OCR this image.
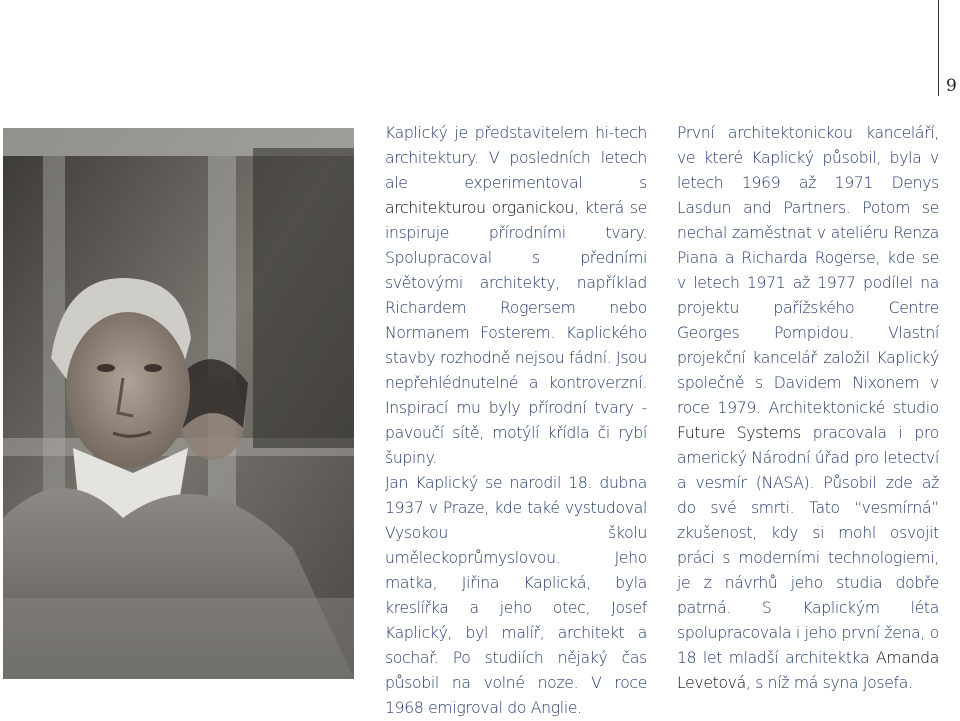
9

Kaplický je představitelem hi-tech architektury. V posledních letech ale experimentoval s architekturou organickou, která se inspiruje přírodními tvary. Spolupracoval s předními světovými architekty, například Richardem Rogersem nebo Normanem Fosterem. Kaplického stavby rozhodně nejsou fádní. Jsou nepřehlédnutelné a kontroverzní. Inspirací mu byly přírodní tvary - pavoučí sítě, motýlí křídla či rybí šupiny.

Jan Kaplický se narodil 18. dubna 1937 v Praze, kde také vystudoval Vysokou školu uměleckoprůmyslovou. Jeho matka, Jiřina Kaplická, byla kreslířka a jeho otec, Josef Kaplický, byl malíř, architekt a sochař. Po studiích nějaký čas působil na volné noze. V roce 1968 emigroval do Anglie.

První architektonickou kanceláří, ve které Kaplický působil, byla v letech 1969 až 1971 Denys Lasdun and Partners. Potom se nechal zaměstnat v ateliéru Renza Piana a Richarda Rogerse, kde se v letech 1971 až 1977 podílel na projektu pařížského Centre Georges Pompidou. Vlastní projekční kancelář založil Kaplický společně s Davidem Nixonem v roce 1979. Architektonické studio Future Systems pracovala i pro americký Národní úřad pro letectví a vesmír (NASA). Působil zde až do své smrti. Tato “vesmírná” zkušenost, kdy si mohl osvojit práci s moderními technologiemi, je z návrhů jeho studia dobře patrná. S Kaplickým léta spolupracovala i jeho první žena, o 18 let mladší architektka Amanda Levetová, s níž má syna Josefa.
